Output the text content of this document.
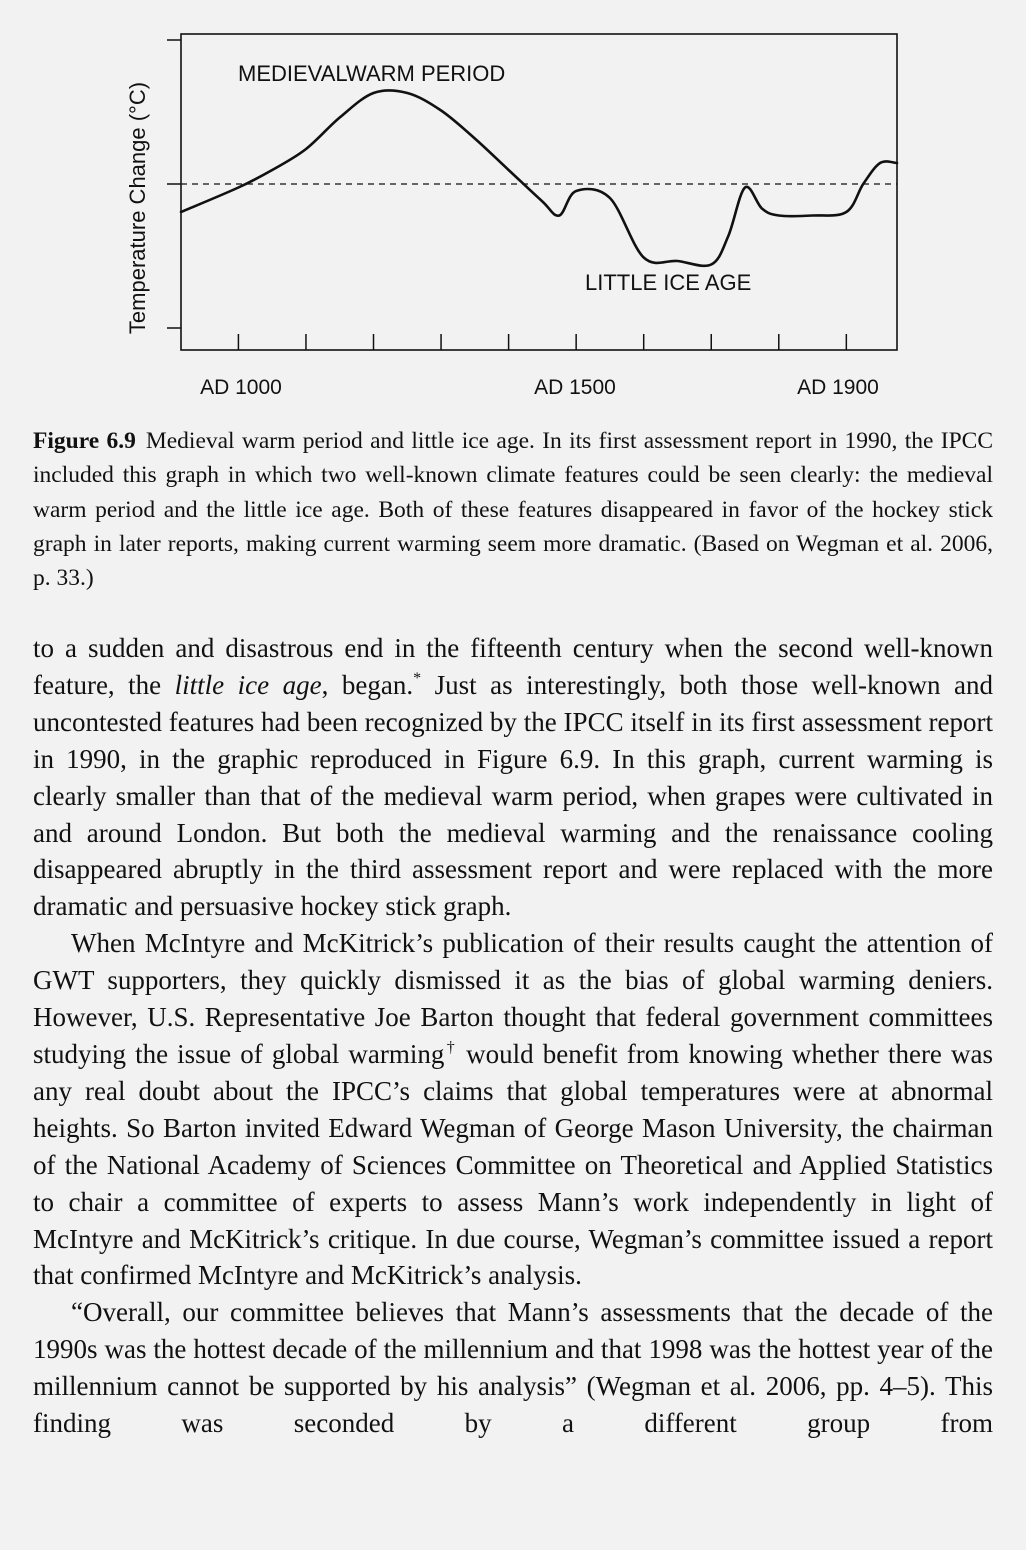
Temperature Change (°C)
MEDIEVALWARM PERIOD
LITTLE ICE AGE
AD 1000	AD 1500	AD 1900
Figure 6.9 Medieval warm period and little ice age. In its first assessment report in 1990, the IPCC included this graph in which two well-known climate features could be seen clearly: the medieval warm period and the little ice age. Both of these features disappeared in favor of the hockey stick graph in later reports, making current warming seem more dramatic. (Based on Wegman et al. 2006, p. 33.)

to a sudden and disastrous end in the fifteenth century when the second well-known feature, the little ice age, began.* Just as interestingly, both those well-known and uncontested features had been recognized by the IPCC itself in its first assessment report in 1990, in the graphic reproduced in Figure 6.9. In this graph, current warming is clearly smaller than that of the medieval warm period, when grapes were cultivated in and around London. But both the medieval warming and the renaissance cooling disappeared abruptly in the third assessment report and were replaced with the more dramatic and persuasive hockey stick graph.

When McIntyre and McKitrick’s publication of their results caught the attention of GWT supporters, they quickly dismissed it as the bias of global warming deniers. However, U.S. Representative Joe Barton thought that federal government committees studying the issue of global warming† would benefit from knowing whether there was any real doubt about the IPCC’s claims that global temperatures were at abnormal heights. So Barton invited Edward Wegman of George Mason University, the chairman of the National Academy of Sciences Committee on Theoretical and Applied Statistics to chair a committee of experts to assess Mann’s work independently in light of McIntyre and McKitrick’s critique. In due course, Wegman’s committee issued a report that confirmed McIntyre and McKitrick’s analysis.

“Overall, our committee believes that Mann’s assessments that the decade of the 1990s was the hottest decade of the millennium and that 1998 was the hottest year of the millennium cannot be supported by his analysis” (Wegman et al. 2006, pp. 4–5). This finding was seconded by a different group from
